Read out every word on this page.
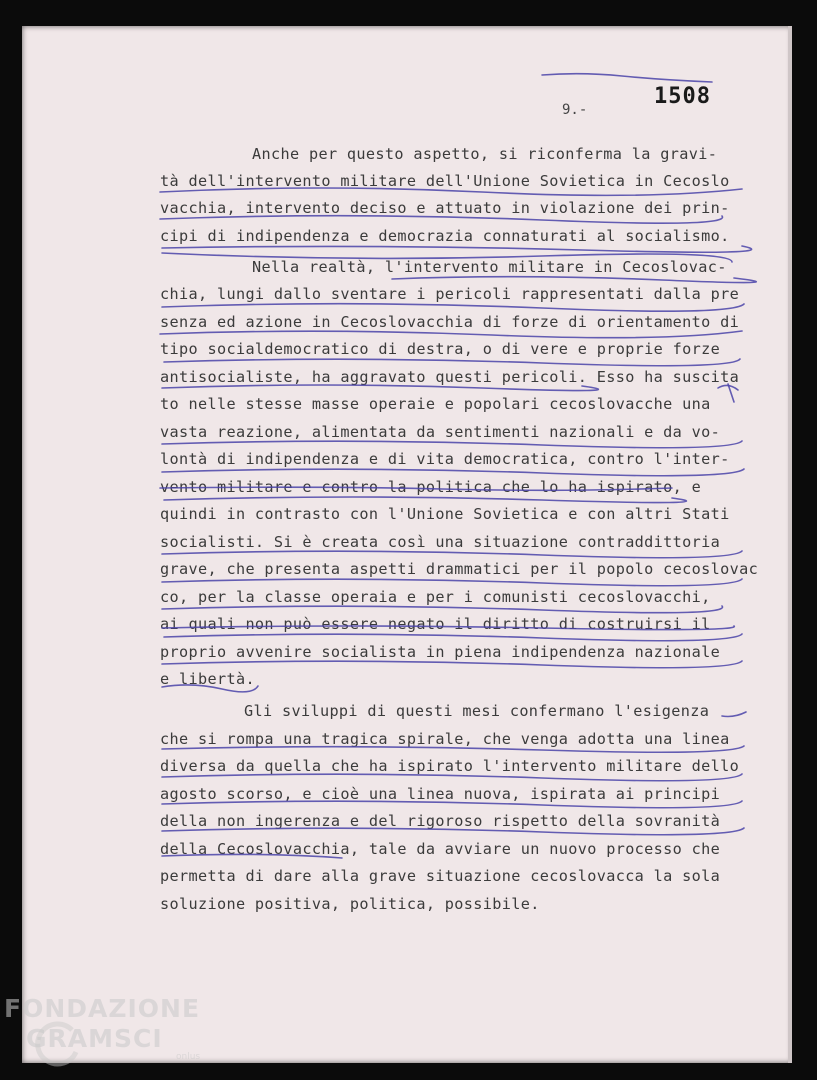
1508
9.-
Anche per questo aspetto, si riconferma la gravi-
tà dell'intervento militare dell'Unione Sovietica in Cecoslo
vacchia, intervento deciso e attuato in violazione dei prin-
cipi di indipendenza e democrazia connaturati al socialismo.
Nella realtà, l'intervento militare in Cecoslovac-
chia, lungi dallo sventare i pericoli rappresentati dalla pre
senza ed azione in Cecoslovacchia di forze di orientamento di
tipo socialdemocratico di destra, o di vere e proprie forze
antisocialiste, ha aggravato questi pericoli. Esso ha suscita
to nelle stesse masse operaie e popolari cecoslovacche una
vasta reazione, alimentata da sentimenti nazionali e da vo-
lontà di indipendenza e di vita democratica, contro l'inter-
vento militare e contro la politica che lo ha ispirato, e
quindi in contrasto con l'Unione Sovietica e con altri Stati
socialisti. Si è creata così una situazione contraddittoria
grave, che presenta aspetti drammatici per il popolo cecoslovac
co, per la classe operaia e per i comunisti cecoslovacchi,
ai quali non può essere negato il diritto di costruirsi il
proprio avvenire socialista in piena indipendenza nazionale
e libertà.
Gli sviluppi di questi mesi confermano l'esigenza
che si rompa una tragica spirale, che venga adotta una linea
diversa da quella che ha ispirato l'intervento militare dello
agosto scorso, e cioè una linea nuova, ispirata ai principi
della non ingerenza e del rigoroso rispetto della sovranità
della Cecoslovacchia, tale da avviare un nuovo processo che
permetta di dare alla grave situazione cecoslovacca la sola
soluzione positiva, politica, possibile.
FONDAZIONE
GRAMSCI
onlus
